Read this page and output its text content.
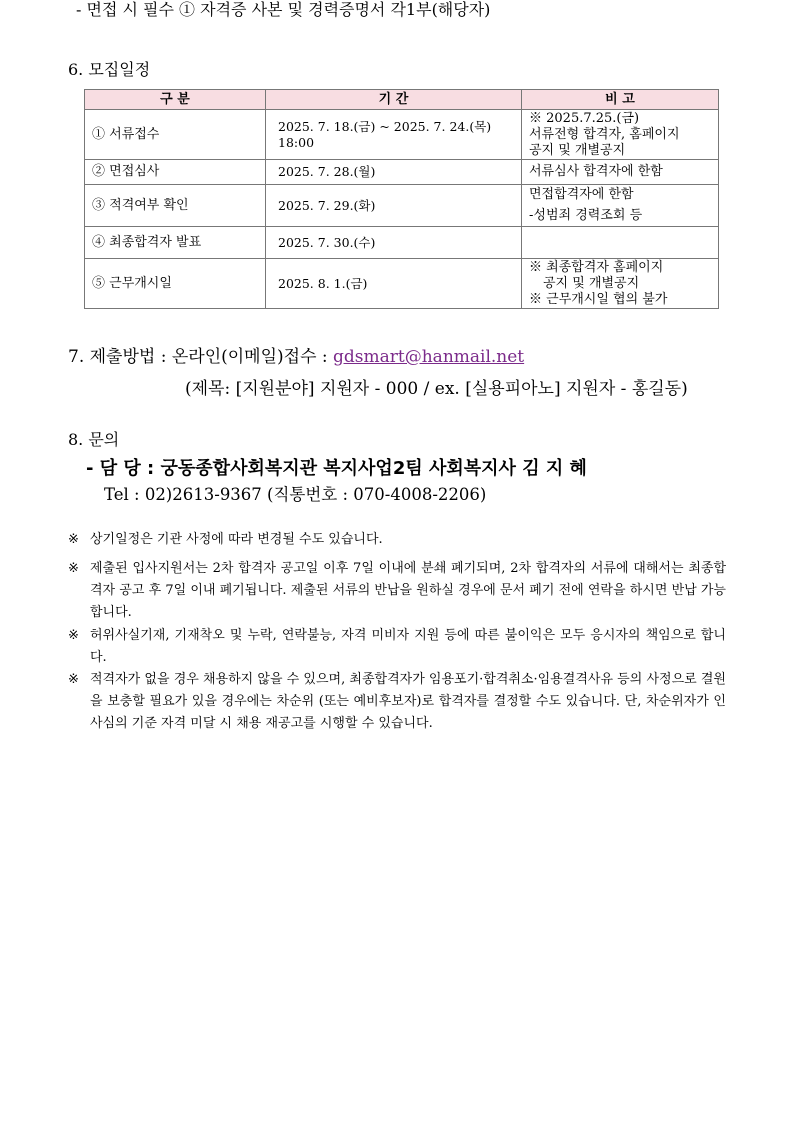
- 면접 시 필수 ① 자격증 사본 및 경력증명서 각1부(해당자)
6. 모집일정
구 분	기 간	비 고
① 서류접수	2025. 7. 18.(금) ~ 2025. 7. 24.(목) 18:00	※ 2025.7.25.(금)
서류전형 합격자, 홈페이지
공지 및 개별공지

② 면접심사	2025. 7. 28.(월)	서류심사 합격자에 한함

③ 적격여부 확인	2025. 7. 29.(화)	면접합격자에 한함
-성범죄 경력조회 등

④ 최종합격자 발표	2025. 7. 30.(수)	
⑤ 근무개시일	2025. 8. 1.(금)	※ 최종합격자 홈페이지
공지 및 개별공지
※ 근무개시일 협의 불가
7. 제출방법 : 온라인(이메일)접수 : gdsmart@hanmail.net
(제목: [지원분야] 지원자 - 000 / ex. [실용피아노] 지원자 - 홍길동)
8. 문의
- 담 당 : 궁동종합사회복지관 복지사업2팀 사회복지사 김 지 혜
Tel : 02)2613-9367 (직통번호 : 070-4008-2206)
※ 상기일정은 기관 사정에 따라 변경될 수도 있습니다.
※ 제출된 입사지원서는 2차 합격자 공고일 이후 7일 이내에 분쇄 폐기되며, 2차 합격자의 서류에 대해서는 최종합격자 공고 후 7일 이내 폐기됩니다. 제출된 서류의 반납을 원하실 경우에 문서 폐기 전에 연락을 하시면 반납 가능합니다.
※ 허위사실기재, 기재착오 및 누락, 연락불능, 자격 미비자 지원 등에 따른 불이익은 모두 응시자의 책임으로 합니다.
※ 적격자가 없을 경우 채용하지 않을 수 있으며, 최종합격자가 임용포기·합격취소·임용결격사유 등의 사정으로 결원을 보충할 필요가 있을 경우에는 차순위 (또는 예비후보자)로 합격자를 결정할 수도 있습니다. 단, 차순위자가 인사심의 기준 자격 미달 시 채용 재공고를 시행할 수 있습니다.
